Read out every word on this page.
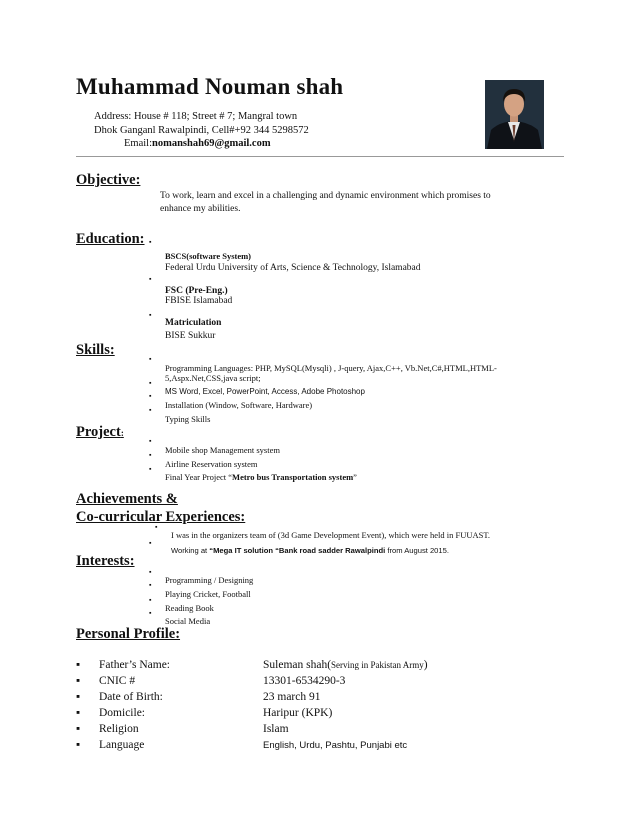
Muhammad Nouman shah
Address: House # 118; Street # 7; Mangral town
Dhok Ganganl Rawalpindi, Cell#+92 344 5298572
Email:nomanshah69@gmail.com
Objective:
To work, learn and excel in a challenging and dynamic environment which promises to
enhance my abilities.
Education: ▪
BSCS(software System)
Federal Urdu University of Arts, Science & Technology, Islamabad
▪
FSC (Pre-Eng.)
FBISE Islamabad
▪
Matriculation
BISE Sukkur
Skills:
▪
Programming Languages: PHP, MySQL(Mysqli) , J-query, Ajax,C++, Vb.Net,C#,HTML,HTML-
5,Aspx.Net,CSS,java script;
▪
MS Word, Excel, PowerPoint, Access, Adobe Photoshop
▪
Installation (Window, Software, Hardware)
▪
Typing Skills
Project:
▪
Mobile shop Management system
▪
Airline Reservation system
▪
Final Year Project “Metro bus Transportation system”
Achievements &
Co-curricular Experiences:
▪
I was in the organizers team of (3d Game Development Event), which were held in FUUAST.
▪
Working at “Mega IT solution “Bank road sadder Rawalpindi from August 2015.
Interests:
▪
Programming / Designing
▪
Playing Cricket, Football
▪
Reading Book
▪
Social Media
Personal Profile:
▪ Father’s Name:	Suleman shah(Serving in Pakistan Army)
▪ CNIC #	13301-6534290-3
▪ Date of Birth:	23 march 91
▪ Domicile:	Haripur (KPK)
▪ Religion	Islam
▪ Language	English, Urdu, Pashtu, Punjabi etc
